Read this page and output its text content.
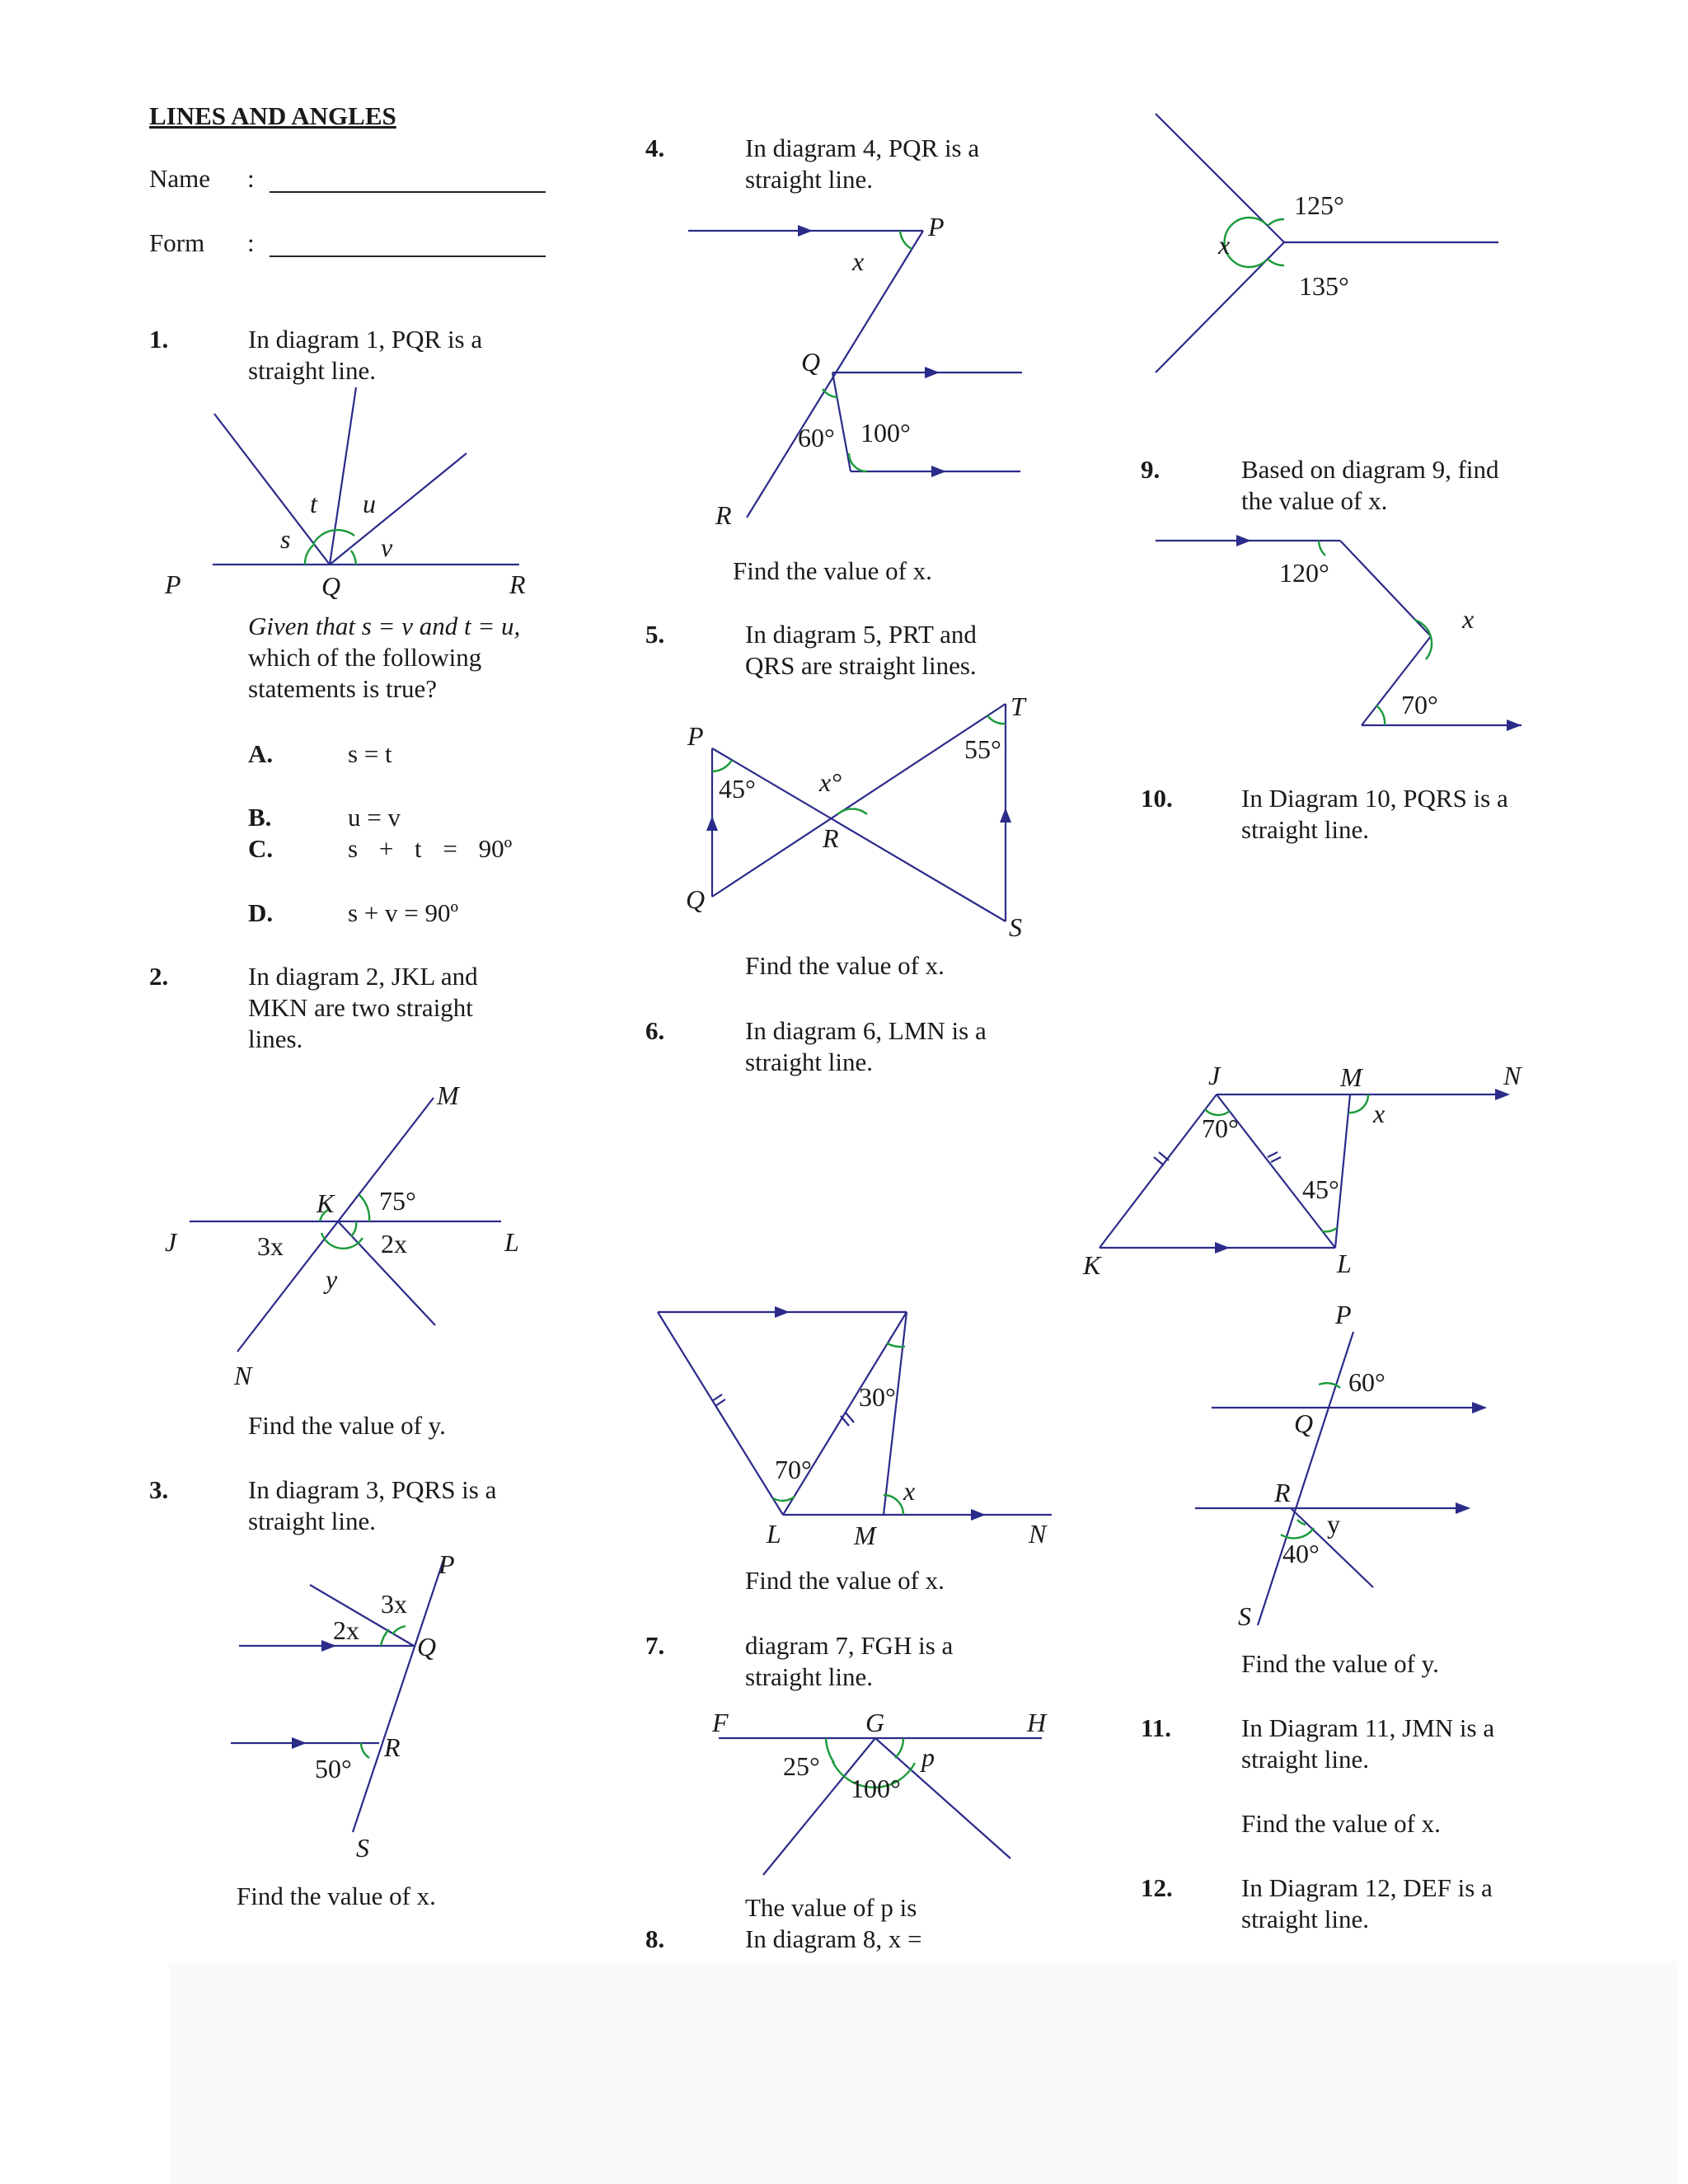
LINES AND ANGLES
Name :
Form :
1.	In diagram 1, PQR is a
straight line.
P	Q	R
s
t u
v
Given that s = v and t = u,
which of the following
statements is true?
A.	s = t
B.	u = v
C.	s + t = 90º
D.	s + v = 90º
2.	In diagram 2, JKL and
MKN are two straight
lines.
M
K 75°
J	L
3x	2x
y
N
Find the value of y.
3.	In diagram 3, PQRS is a
straight line.
P
3x
2x
Q
R
50°
S
Find the value of x.
4.	In diagram 4, PQR is a
straight line.
P
x
Q
60° 100°
R
Find the value of x.
5.	In diagram 5, PRT and
QRS are straight lines.
P
45° x°
R
55°
T
Q
S
Find the value of x.
6.	In diagram 6, LMN is a
straight line.
70°
30°
x
L	M	N
Find the value of x.
7.	diagram 7, FGH is a
straight line.
F	G	H
25°
100°
p
The value of p is
8.	In diagram 8, x =
125°
x
135°
9.	Based on diagram 9, find
the value of x.
120°
x
70°
10.	In Diagram 10, PQRS is a
straight line.
J	M	N
70°	x
45°
K	L
P
60°
Q
R
y
40°
S
Find the value of y.
11.	In Diagram 11, JMN is a
straight line.
Find the value of x.
12.	In Diagram 12, DEF is a
straight line.
